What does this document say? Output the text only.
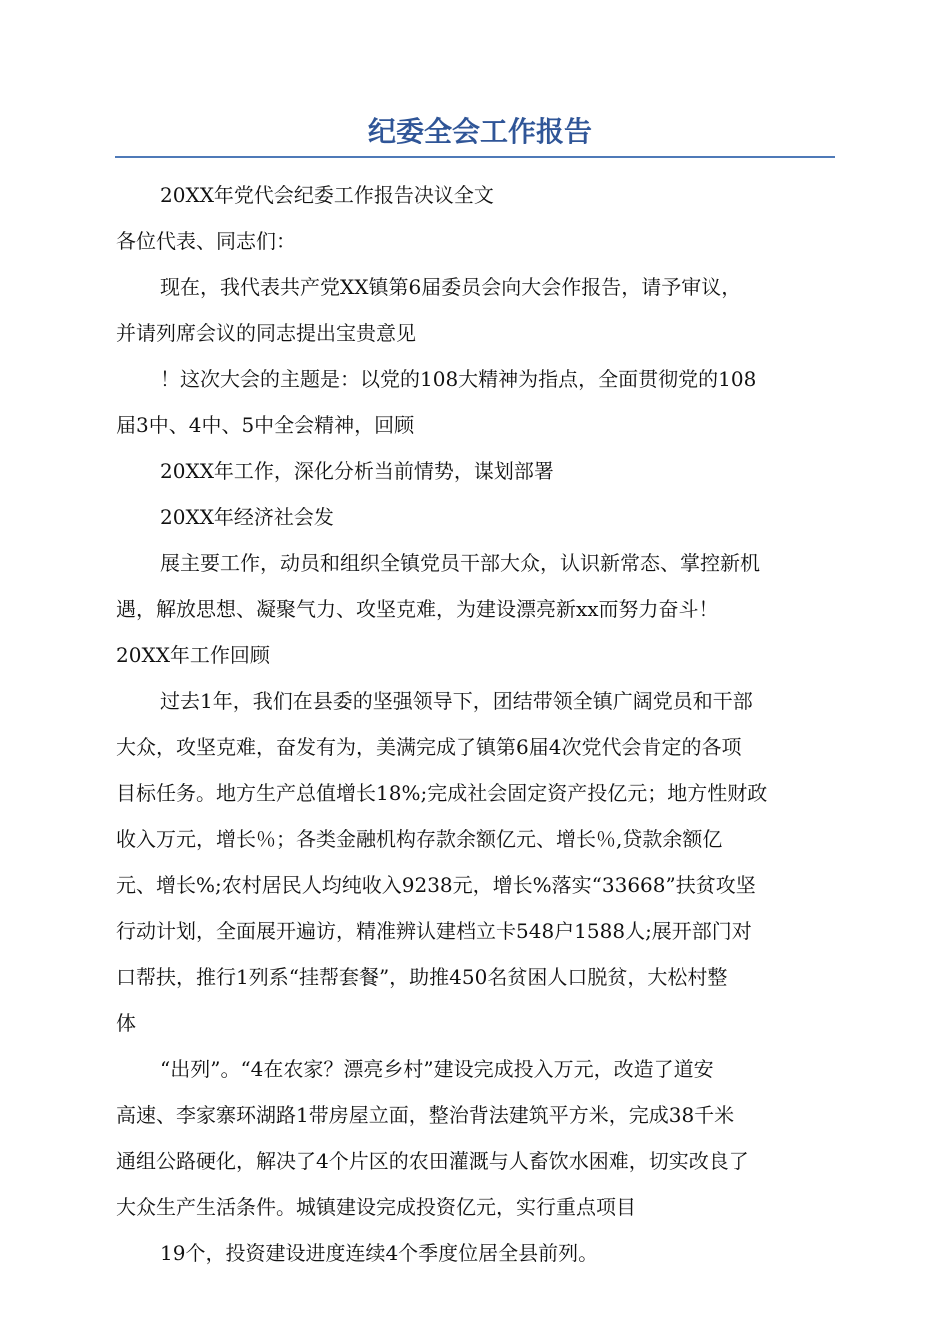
纪委全会工作报告
20XX年党代会纪委工作报告决议全文
各位代表、同志们：
现在，我代表共产党XX镇第6届委员会向大会作报告，请予审议，
并请列席会议的同志提出宝贵意见
！这次大会的主题是：以党的108大精神为指点，全面贯彻党的108
届3中、4中、5中全会精神，回顾
20XX年工作，深化分析当前情势，谋划部署
20XX年经济社会发
展主要工作，动员和组织全镇党员干部大众，认识新常态、掌控新机
遇，解放思想、凝聚气力、攻坚克难，为建设漂亮新xx而努力奋斗！
20XX年工作回顾
过去1年，我们在县委的坚强领导下，团结带领全镇广阔党员和干部
大众，攻坚克难，奋发有为，美满完成了镇第6届4次党代会肯定的各项
目标任务。地方生产总值增长18%;完成社会固定资产投亿元；地方性财政
收入万元，增长％；各类金融机构存款余额亿元、增长％,贷款余额亿
元、增长%;农村居民人均纯收入9238元，增长%落实“33668”扶贫攻坚
行动计划，全面展开遍访，精准辨认建档立卡548户1588人;展开部门对
口帮扶，推行1列系“挂帮套餐”，助推450名贫困人口脱贫，大松村整
体
“出列”。“4在农家？漂亮乡村”建设完成投入万元，改造了道安
高速、李家寨环湖路1带房屋立面，整治背法建筑平方米，完成38千米
通组公路硬化，解决了4个片区的农田灌溉与人畜饮水困难，切实改良了
大众生产生活条件。城镇建设完成投资亿元，实行重点项目
19个，投资建设进度连续4个季度位居全县前列。
